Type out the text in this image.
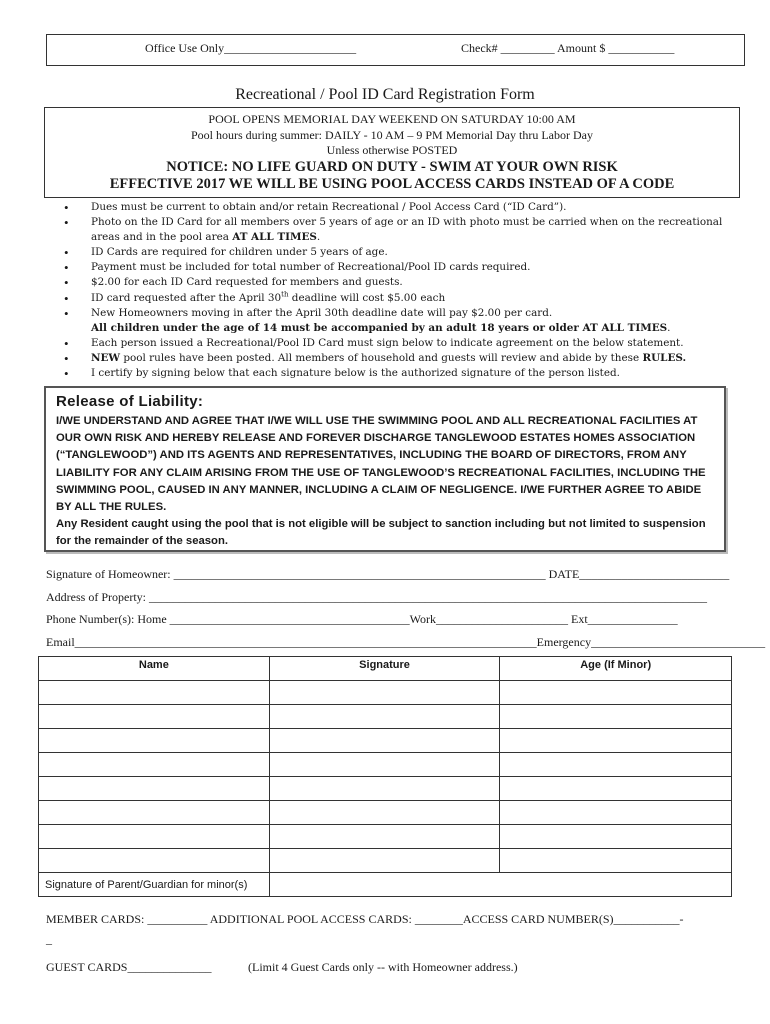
Office Use Only______________________	Check# _________ Amount $ ___________
Recreational / Pool ID Card Registration Form
POOL OPENS MEMORIAL DAY WEEKEND ON SATURDAY 10:00 AM
Pool hours during summer: DAILY - 10 AM – 9 PM Memorial Day thru Labor Day
Unless otherwise POSTED
NOTICE: NO LIFE GUARD ON DUTY - SWIM AT YOUR OWN RISK
EFFECTIVE 2017 WE WILL BE USING POOL ACCESS CARDS INSTEAD OF A CODE
• Dues must be current to obtain and/or retain Recreational / Pool Access Card (“ID Card”).
• Photo on the ID Card for all members over 5 years of age or an ID with photo must be carried when on the recreational areas and in the pool area AT ALL TIMES.
• ID Cards are required for children under 5 years of age.
• Payment must be included for total number of Recreational/Pool ID cards required.
• $2.00 for each ID Card requested for members and guests.
• ID card requested after the April 30th deadline will cost $5.00 each
• New Homeowners moving in after the April 30th deadline date will pay $2.00 per card.
All children under the age of 14 must be accompanied by an adult 18 years or older AT ALL TIMES.
• Each person issued a Recreational/Pool ID Card must sign below to indicate agreement on the below statement.
• NEW pool rules have been posted. All members of household and guests will review and abide by these RULES.
• I certify by signing below that each signature below is the authorized signature of the person listed.
Release of Liability:
I/WE UNDERSTAND AND AGREE THAT I/WE WILL USE THE SWIMMING POOL AND ALL RECREATIONAL FACILITIES AT OUR OWN RISK AND HEREBY RELEASE AND FOREVER DISCHARGE TANGLEWOOD ESTATES HOMES ASSOCIATION (“TANGLEWOOD”) AND ITS AGENTS AND REPRESENTATIVES, INCLUDING THE BOARD OF DIRECTORS, FROM ANY LIABILITY FOR ANY CLAIM ARISING FROM THE USE OF TANGLEWOOD’S RECREATIONAL FACILITIES, INCLUDING THE SWIMMING POOL, CAUSED IN ANY MANNER, INCLUDING A CLAIM OF NEGLIGENCE. I/WE FURTHER AGREE TO ABIDE BY ALL THE RULES.
Any Resident caught using the pool that is not eligible will be subject to sanction including but not limited to suspension for the remainder of the season.
Signature of Homeowner: ______________________________________________________________ DATE_________________________
Address of Property: _____________________________________________________________________________________________
Phone Number(s): Home ________________________________________Work______________________ Ext_______________
Email_____________________________________________________________________________Emergency_____________________________
Name	Signature	Age (If Minor)

Signature of Parent/Guardian for minor(s)		
MEMBER CARDS: __________ ADDITIONAL POOL ACCESS CARDS: ________ACCESS CARD NUMBER(S)___________-
_
GUEST CARDS______________	(Limit 4 Guest Cards only -- with Homeowner address.)
